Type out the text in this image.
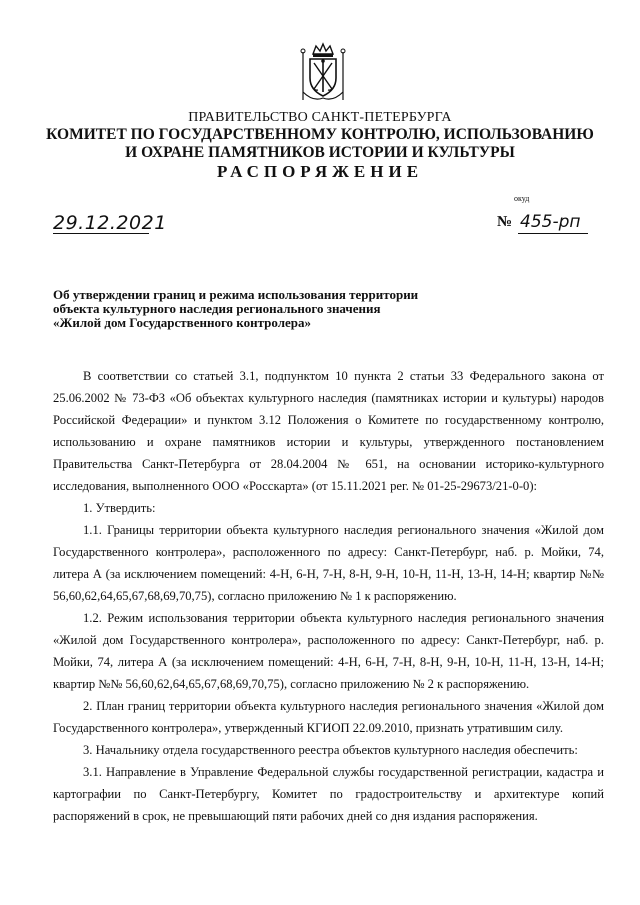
ПРАВИТЕЛЬСТВО САНКТ-ПЕТЕРБУРГА
КОМИТЕТ ПО ГОСУДАРСТВЕННОМУ КОНТРОЛЮ, ИСПОЛЬЗОВАНИЮ
И ОХРАНЕ ПАМЯТНИКОВ ИСТОРИИ И КУЛЬТУРЫ
РАСПОРЯЖЕНИЕ
окуд
29.12.2021	№ 455-рп
Об утверждении границ и режима использования территории
объекта культурного наследия регионального значения
«Жилой дом Государственного контролера»

В соответствии со статьей 3.1, подпунктом 10 пункта 2 статьи 33 Федерального закона от 25.06.2002 № 73-ФЗ «Об объектах культурного наследия (памятниках истории и культуры) народов Российской Федерации» и пунктом 3.12 Положения о Комитете по государственному контролю, использованию и охране памятников истории и культуры, утвержденного постановлением Правительства Санкт-Петербурга от 28.04.2004 № 651, на основании историко-культурного исследования, выполненного ООО «Росскарта» (от 15.11.2021 рег. № 01-25-29673/21-0-0):

1. Утвердить:

1.1. Границы территории объекта культурного наследия регионального значения «Жилой дом Государственного контролера», расположенного по адресу: Санкт-Петербург, наб. р. Мойки, 74, литера А (за исключением помещений: 4-Н, 6-Н, 7-Н, 8-Н, 9-Н, 10-Н, 11-Н, 13-Н, 14-Н; квартир №№ 56,60,62,64,65,67,68,69,70,75), согласно приложению № 1 к распоряжению.

1.2. Режим использования территории объекта культурного наследия регионального значения «Жилой дом Государственного контролера», расположенного по адресу: Санкт-Петербург, наб. р. Мойки, 74, литера А (за исключением помещений: 4-Н, 6-Н, 7-Н, 8-Н, 9-Н, 10-Н, 11-Н, 13-Н, 14-Н; квартир №№ 56,60,62,64,65,67,68,69,70,75), согласно приложению № 2 к распоряжению.

2. План границ территории объекта культурного наследия регионального значения «Жилой дом Государственного контролера», утвержденный КГИОП 22.09.2010, признать утратившим силу.

3. Начальнику отдела государственного реестра объектов культурного наследия обеспечить:

3.1. Направление в Управление Федеральной службы государственной регистрации, кадастра и картографии по Санкт-Петербургу, Комитет по градостроительству и архитектуре копий распоряжений в срок, не превышающий пяти рабочих дней со дня издания распоряжения.
